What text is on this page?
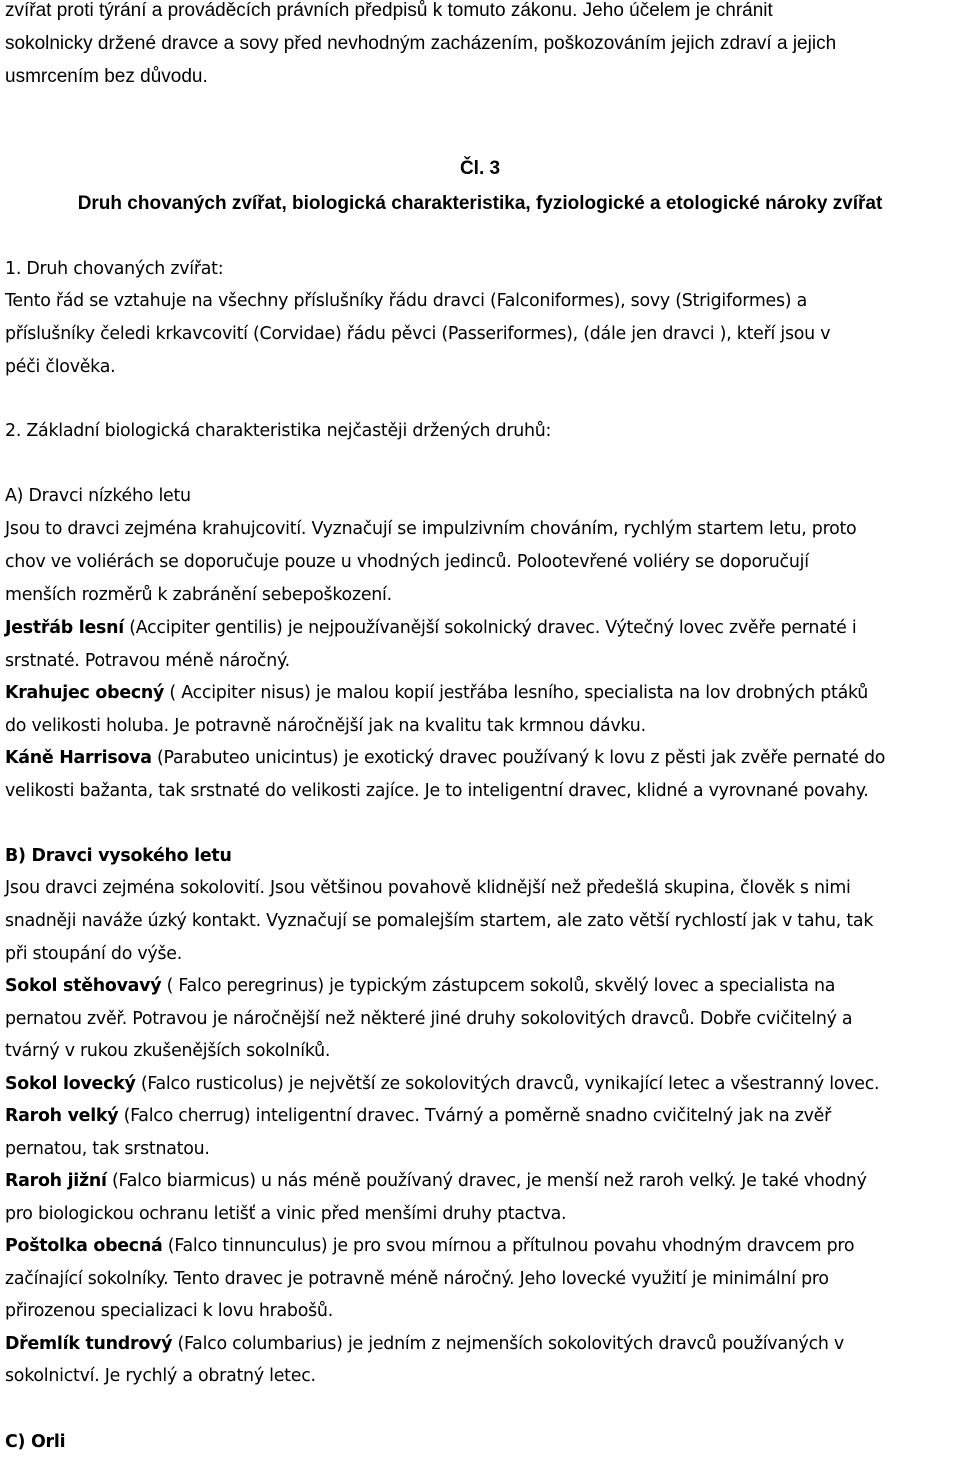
zvířat proti týrání a prováděcích právních předpisů k tomuto zákonu. Jeho účelem je chránit
sokolnicky držené dravce a sovy před nevhodným zacházením, poškozováním jejich zdraví a jejich
usmrcením bez důvodu.
Čl. 3
Druh chovaných zvířat, biologická charakteristika, fyziologické a etologické nároky zvířat
1. Druh chovaných zvířat:
Tento řád se vztahuje na všechny příslušníky řádu dravci (Falconiformes), sovy (Strigiformes) a
příslušníky čeledi krkavcovití (Corvidae) řádu pěvci (Passeriformes), (dále jen dravci ), kteří jsou v
péči člověka.
2. Základní biologická charakteristika nejčastěji držených druhů:
A) Dravci nízkého letu
Jsou to dravci zejména krahujcovití. Vyznačují se impulzivním chováním, rychlým startem letu, proto
chov ve voliérách se doporučuje pouze u vhodných jedinců. Polootevřené voliéry se doporučují
menších rozměrů k zabránění sebepoškození.
Jestřáb lesní (Accipiter gentilis) je nejpoužívanější sokolnický dravec. Výtečný lovec zvěře pernaté i
srstnaté. Potravou méně náročný.
Krahujec obecný ( Accipiter nisus) je malou kopií jestřába lesního, specialista na lov drobných ptáků
do velikosti holuba. Je potravně náročnější jak na kvalitu tak krmnou dávku.
Káně Harrisova (Parabuteo unicintus) je exotický dravec používaný k lovu z pěsti jak zvěře pernaté do
velikosti bažanta, tak srstnaté do velikosti zajíce. Je to inteligentní dravec, klidné a vyrovnané povahy.
B) Dravci vysokého letu
Jsou dravci zejména sokolovití. Jsou většinou povahově klidnější než předešlá skupina, člověk s nimi
snadněji naváže úzký kontakt. Vyznačují se pomalejším startem, ale zato větší rychlostí jak v tahu, tak
při stoupání do výše.
Sokol stěhovavý ( Falco peregrinus) je typickým zástupcem sokolů, skvělý lovec a specialista na
pernatou zvěř. Potravou je náročnější než některé jiné druhy sokolovitých dravců. Dobře cvičitelný a
tvárný v rukou zkušenějších sokolníků.
Sokol lovecký (Falco rusticolus) je největší ze sokolovitých dravců, vynikající letec a všestranný lovec.
Raroh velký (Falco cherrug) inteligentní dravec. Tvárný a poměrně snadno cvičitelný jak na zvěř
pernatou, tak srstnatou.
Raroh jižní (Falco biarmicus) u nás méně používaný dravec, je menší než raroh velký. Je také vhodný
pro biologickou ochranu letišť a vinic před menšími druhy ptactva.
Poštolka obecná (Falco tinnunculus) je pro svou mírnou a přítulnou povahu vhodným dravcem pro
začínající sokolníky. Tento dravec je potravně méně náročný. Jeho lovecké využití je minimální pro
přirozenou specializaci k lovu hrabošů.
Dřemlík tundrový (Falco columbarius) je jedním z nejmenších sokolovitých dravců používaných v
sokolnictví. Je rychlý a obratný letec.
C) Orli
